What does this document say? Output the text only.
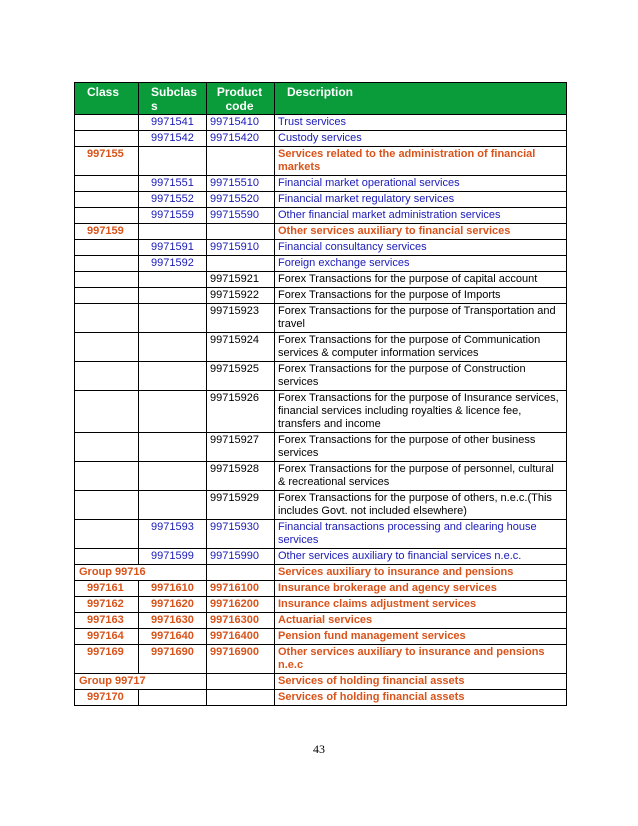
Class	Subclass	Product code	Description
	9971541	99715410	Trust services
	9971542	99715420	Custody services
997155			Services related to the administration of financial markets
	9971551	99715510	Financial market operational services
	9971552	99715520	Financial market regulatory services
	9971559	99715590	Other financial market administration services
997159			Other services auxiliary to financial services
	9971591	99715910	Financial consultancy services
	9971592		Foreign exchange services
		99715921	Forex Transactions for the purpose of capital account
		99715922	Forex Transactions for the purpose of Imports
		99715923	Forex Transactions for the purpose of Transportation and travel
		99715924	Forex Transactions for the purpose of Communication services & computer information services
		99715925	Forex Transactions for the purpose of Construction services
		99715926	Forex Transactions for the purpose of Insurance services, financial services including royalties & licence fee, transfers and income
		99715927	Forex Transactions for the purpose of other business services
		99715928	Forex Transactions for the purpose of personnel, cultural & recreational services
		99715929	Forex Transactions for the purpose of others, n.e.c.(This includes Govt. not included elsewhere)
	9971593	99715930	Financial transactions processing and clearing house services
	9971599	99715990	Other services auxiliary to financial services n.e.c.
Group 99716			Services auxiliary to insurance and pensions
997161	9971610	99716100	Insurance brokerage and agency services
997162	9971620	99716200	Insurance claims adjustment services
997163	9971630	99716300	Actuarial services
997164	9971640	99716400	Pension fund management services
997169	9971690	99716900	Other services auxiliary to insurance and pensions n.e.c
Group 99717			Services of holding financial assets
997170			Services of holding financial assets
43
